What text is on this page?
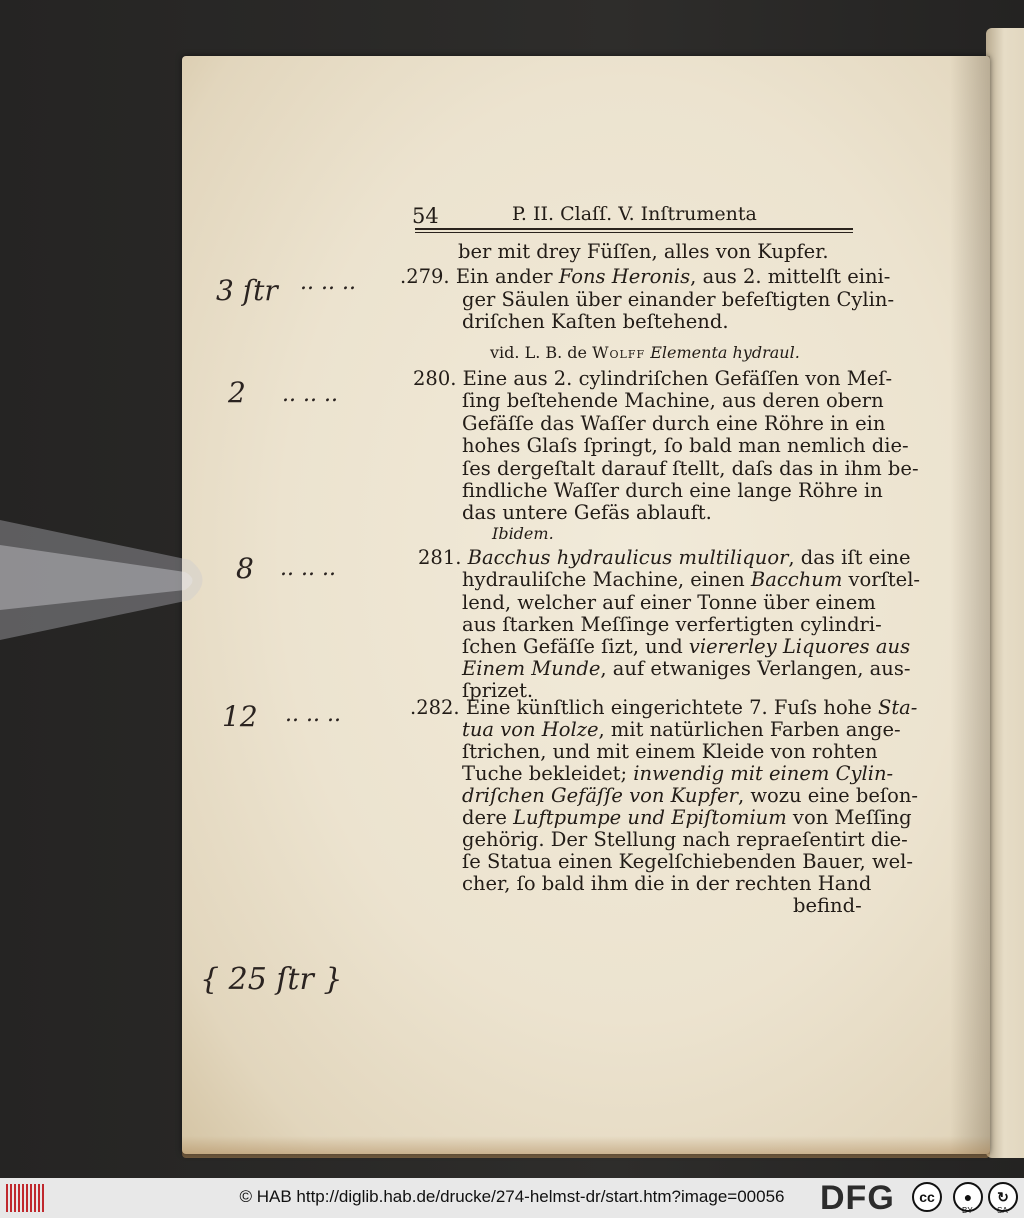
54	P. II. Claſſ. V. Inſtrumenta
ber mit drey Füſſen, alles von Kupfer.
.279. Ein ander Fons Heronis, aus 2. mittelſt eini-
ger Säulen über einander befeſtigten Cylin-
driſchen Kaſten beſtehend.
vid. L. B. de Wolff Elementa hydraul.
280. Eine aus 2. cylindriſchen Gefäſſen von Meſ-
ſing beſtehende Machine, aus deren obern
Gefäſſe das Waſſer durch eine Röhre in ein
hohes Glaſs ſpringt, ſo bald man nemlich die-
ſes dergeſtalt darauf ſtellt, daſs das in ihm be-
findliche Waſſer durch eine lange Röhre in
das untere Gefäs ablauft.
Ibidem.
281. Bacchus hydraulicus multiliquor, das iſt eine
hydrauliſche Machine, einen Bacchum vorſtel-
lend, welcher auf einer Tonne über einem
aus ſtarken Meſſinge verfertigten cylindri-
ſchen Gefäſſe ſizt, und viererley Liquores aus
Einem Munde, auf etwaniges Verlangen, aus-
ſprizet.
.282. Eine künſtlich eingerichtete 7. Fuſs hohe Sta-
tua von Holze, mit natürlichen Farben ange-
ſtrichen, und mit einem Kleide von rohten
Tuche bekleidet; inwendig mit einem Cylin-
driſchen Gefäſſe von Kupfer, wozu eine beſon-
dere Luftpumpe und Epiſtomium von Meſſing
gehörig. Der Stellung nach repraeſentirt die-
ſe Statua einen Kegelſchiebenden Bauer, wel-
cher, ſo bald ihm die in der rechten Hand
befind-
3 ſtr .. .. ..
2 .. .. ..
8 .. .. ..
12 .. .. ..
{ 25 ſtr }
© HAB http://diglib.hab.de/drucke/274-helmst-dr/start.htm?image=00056	DFG	cc	●
BY
↻
SA
